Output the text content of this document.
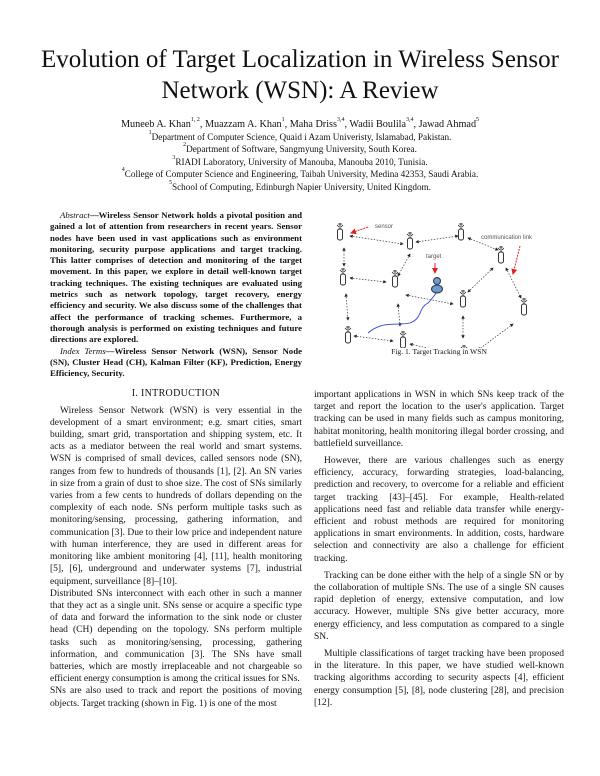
Evolution of Target Localization in Wireless Sensor
Network (WSN): A Review
Muneeb A. Khan$^{1, 2}$, Muazzam A. Khan$^1$, Maha Driss$^{3,4}$, Wadii Boulila$^{3,4}$, Jawad Ahmad$^5$
$^1$Department of Computer Science, Quaid i Azam Univeristy, Islamabad, Pakistan.
$^2$Department of Software, Sangmyung University, South Korea.
$^3$RIADI Laboratory, University of Manouba, Manouba 2010, Tunisia.
$^4$College of Computer Science and Engineering, Taibah University, Medina 42353, Saudi Arabia.
$^5$School of Computing, Edinburgh Napier University, United Kingdom.

Abstract—Wireless Sensor Network holds a pivotal position and gained a lot of attention from researchers in recent years. Sensor nodes have been used in vast applications such as environment monitoring, security purpose applications and target tracking. This latter comprises of detection and monitoring of the target movement. In this paper, we explore in detail well-known target tracking techniques. The existing techniques are evaluated using metrics such as network topology, target recovery, energy efficiency and security. We also discuss some of the challenges that affect the performance of tracking schemes. Furthermore, a thorough analysis is performed on existing techniques and future directions are explored.

Index Terms—Wireless Sensor Network (WSN), Sensor Node (SN), Cluster Head (CH), Kalman Filter (KF), Prediction, Energy Efficiency, Security.

I. INTRODUCTION

Wireless Sensor Network (WSN) is very essential in the development of a smart environment; e.g. smart cities, smart building, smart grid, transportation and shipping system, etc. It acts as a mediator between the real world and smart systems. WSN is comprised of small devices, called sensors node (SN), ranges from few to hundreds of thousands [1], [2]. An SN varies in size from a grain of dust to shoe size. The cost of SNs similarly varies from a few cents to hundreds of dollars depending on the complexity of each node. SNs perform multiple tasks such as monitoring/sensing, processing, gathering information, and communication [3]. Due to their low price and independent nature with human interference, they are used in different areas for monitoring like ambient monitoring [4], [11], health monitoring [5], [6], underground and underwater systems [7], industrial equipment, surveillance [8]–[10].

Distributed SNs interconnect with each other in such a manner that they act as a single unit. SNs sense or acquire a specific type of data and forward the information to the sink node or cluster head (CH) depending on the topology. SNs perform multiple tasks such as monitoring/sensing, processing, gathering information, and communication [3]. The SNs have small batteries, which are mostly irreplaceable and not chargeable so efficient energy consumption is among the critical issues for SNs.

SNs are also used to track and report the positions of moving objects. Target tracking (shown in Fig. 1) is one of the most

sensor
communication link
target
Fig. 1. Target Tracking in WSN

important applications in WSN in which SNs keep track of the target and report the location to the user's application. Target tracking can be used in many fields such as campus monitoring, habitat monitoring, health monitoring illegal border crossing, and battlefield surveillance.

However, there are various challenges such as energy efficiency, accuracy, forwarding strategies, load-balancing, prediction and recovery, to overcome for a reliable and efficient target tracking [43]–[45]. For example, Health-related applications need fast and reliable data transfer while energy-efficient and robust methods are required for monitoring applications in smart environments. In addition, costs, hardware selection and connectivity are also a challenge for efficient tracking.

Tracking can be done either with the help of a single SN or by the collaboration of multiple SNs. The use of a single SN causes rapid depletion of energy, extensive computation, and low accuracy. However, multiple SNs give better accuracy, more energy efficiency, and less computation as compared to a single SN.

Multiple classifications of target tracking have been proposed in the literature. In this paper, we have studied well-known tracking algorithms according to security aspects [4], efficient energy consumption [5], [8], node clustering [28], and precision [12].
